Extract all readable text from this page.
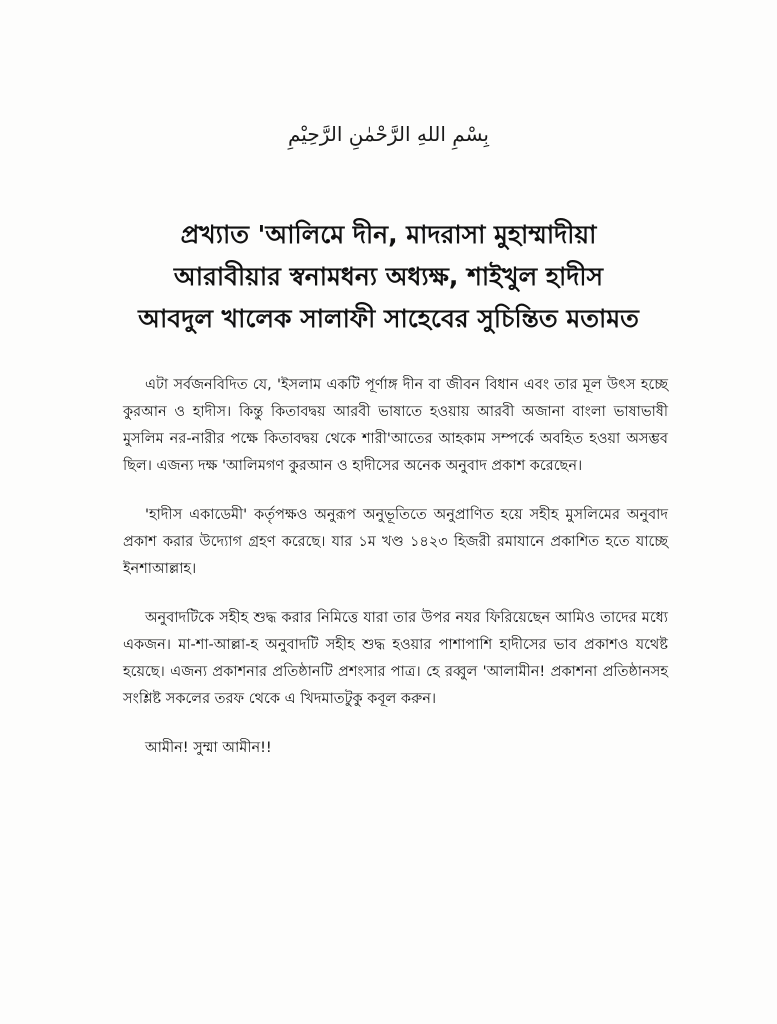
بِسْمِ اللهِ الرَّحْمٰنِ الرَّحِيْمِ
প্রখ্যাত 'আলিমে দীন, মাদরাসা মুহাম্মাদীয়া
আরাবীয়ার স্বনামধন্য অধ্যক্ষ, শাইখুল হাদীস
আবদুল খালেক সালাফী সাহেবের সুচিন্তিত মতামত

এটা সর্বজনবিদিত যে, 'ইসলাম একটি পূর্ণাঙ্গ দীন বা জীবন বিধান এবং তার মূল উৎস হচ্ছে কুরআন ও হাদীস। কিন্তু কিতাবদ্বয় আরবী ভাষাতে হওয়ায় আরবী অজানা বাংলা ভাষাভাষী মুসলিম নর-নারীর পক্ষে কিতাবদ্বয় থেকে শারী'আতের আহকাম সম্পর্কে অবহিত হওয়া অসম্ভব ছিল। এজন্য দক্ষ 'আলিমগণ কুরআন ও হাদীসের অনেক অনুবাদ প্রকাশ করেছেন।

'হাদীস একাডেমী' কর্তৃপক্ষও অনুরূপ অনুভূতিতে অনুপ্রাণিত হয়ে সহীহ মুসলিমের অনুবাদ প্রকাশ করার উদ্যোগ গ্রহণ করেছে। যার ১ম খণ্ড ১৪২৩ হিজরী রমাযানে প্রকাশিত হতে যাচ্ছে ইনশাআল্লাহ।

অনুবাদটিকে সহীহ শুদ্ধ করার নিমিত্তে যারা তার উপর নযর ফিরিয়েছেন আমিও তাদের মধ্যে একজন। মা-শা-আল্লা-হ অনুবাদটি সহীহ শুদ্ধ হওয়ার পাশাপাশি হাদীসের ভাব প্রকাশও যথেষ্ট হয়েছে। এজন্য প্রকাশনার প্রতিষ্ঠানটি প্রশংসার পাত্র। হে রব্বুল 'আলামীন! প্রকাশনা প্রতিষ্ঠানসহ সংশ্লিষ্ট সকলের তরফ থেকে এ খিদমাতটুকু কবূল করুন।

আমীন! সুম্মা আমীন!!
